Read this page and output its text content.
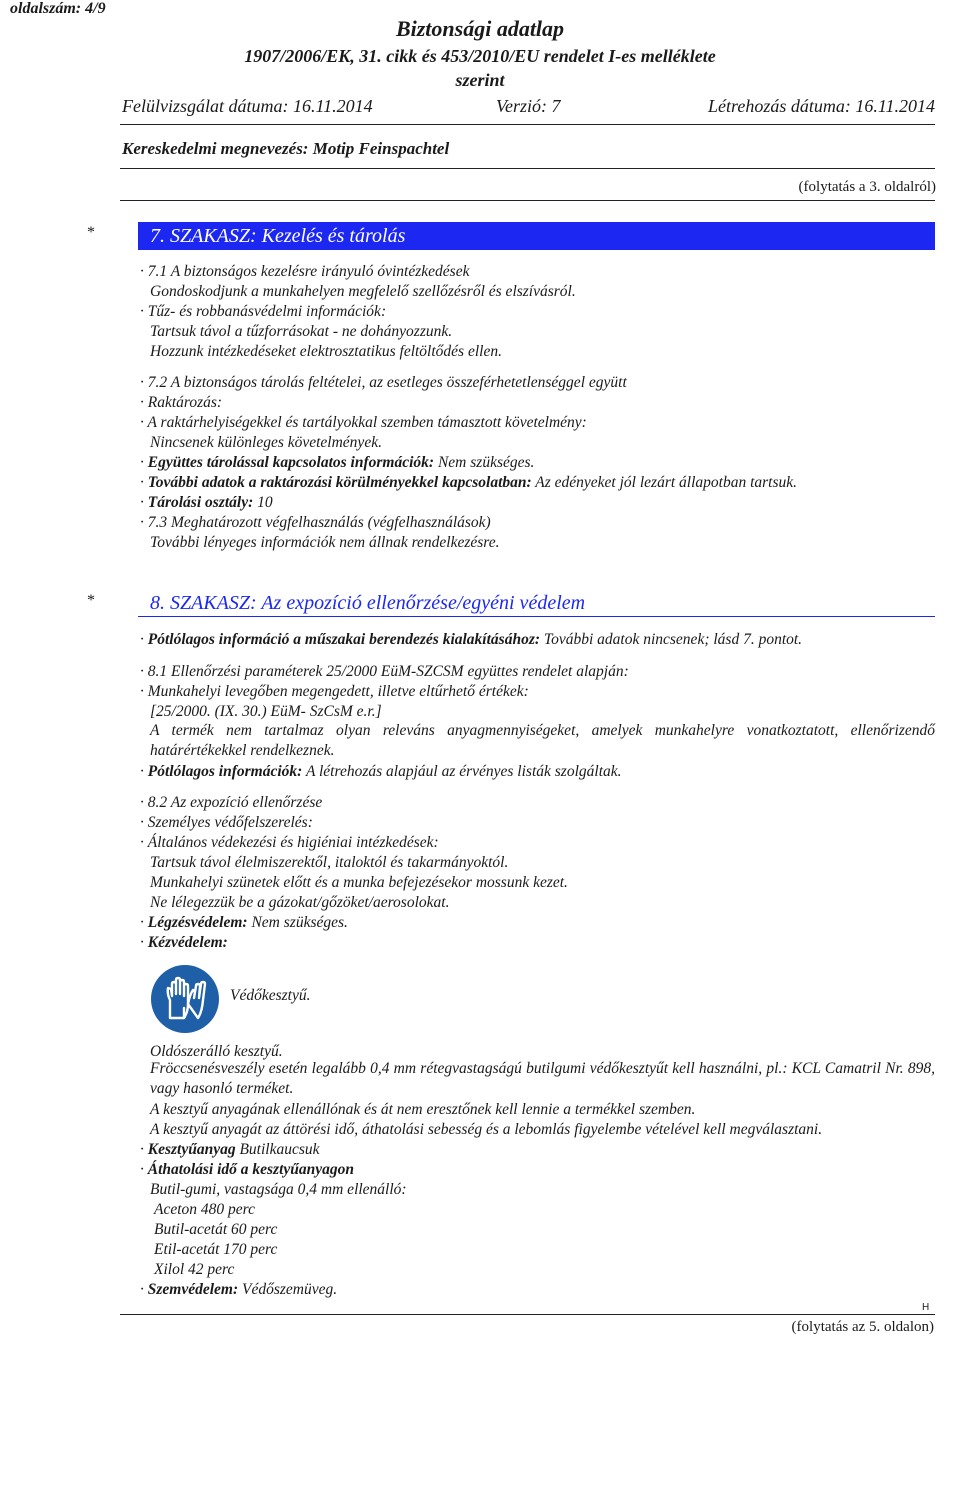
oldalszám: 4/9
Biztonsági adatlap
1907/2006/EK, 31. cikk és 453/2010/EU rendelet I-es melléklete
szerint
Felülvizsgálat dátuma: 16.11.2014	Verzió: 7	Létrehozás dátuma: 16.11.2014
Kereskedelmi megnevezés: Motip Feinspachtel
(folytatás a 3. oldalról)
*	7. SZAKASZ: Kezelés és tárolás
· 7.1 A biztonságos kezelésre irányuló óvintézkedések
Gondoskodjunk a munkahelyen megfelelő szellőzésről és elszívásról.
· Tűz- és robbanásvédelmi információk:
Tartsuk távol a tűzforrásokat - ne dohányozzunk.
Hozzunk intézkedéseket elektrosztatikus feltöltődés ellen.
· 7.2 A biztonságos tárolás feltételei, az esetleges összeférhetetlenséggel együtt
· Raktározás:
· A raktárhelyiségekkel és tartályokkal szemben támasztott követelmény:
Nincsenek különleges követelmények.
· Együttes tárolással kapcsolatos információk: Nem szükséges.
· További adatok a raktározási körülményekkel kapcsolatban: Az edényeket jól lezárt állapotban tartsuk.
· Tárolási osztály: 10
· 7.3 Meghatározott végfelhasználás (végfelhasználások)
További lényeges információk nem állnak rendelkezésre.
*	8. SZAKASZ: Az expozíció ellenőrzése/egyéni védelem
· Pótlólagos információ a műszakai berendezés kialakításához: További adatok nincsenek; lásd 7. pontot.
· 8.1 Ellenőrzési paraméterek 25/2000 EüM-SZCSM együttes rendelet alapján:
· Munkahelyi levegőben megengedett, illetve eltűrhető értékek:
[25/2000. (IX. 30.) EüM- SzCsM e.r.]
A termék nem tartalmaz olyan releváns anyagmennyiségeket, amelyek munkahelyre vonatkoztatott, ellenőrizendő határértékekkel rendelkeznek.
· Pótlólagos információk: A létrehozás alapjául az érvényes listák szolgáltak.
· 8.2 Az expozíció ellenőrzése
· Személyes védőfelszerelés:
· Általános védekezési és higiéniai intézkedések:
Tartsuk távol élelmiszerektől, italoktól és takarmányoktól.
Munkahelyi szünetek előtt és a munka befejezésekor mossunk kezet.
Ne lélegezzük be a gázokat/gőzöket/aerosolokat.
· Légzésvédelem: Nem szükséges.
· Kézvédelem:
Védőkesztyű.
Oldószerálló kesztyű.
Fröccsenésveszély esetén legalább 0,4 mm rétegvastagságú butilgumi védőkesztyűt kell használni, pl.: KCL Camatril Nr. 898, vagy hasonló terméket.
A kesztyű anyagának ellenállónak és át nem eresztőnek kell lennie a termékkel szemben.
A kesztyű anyagát az áttörési idő, áthatolási sebesség és a lebomlás figyelembe vételével kell megválasztani.
· Kesztyűanyag Butilkaucsuk
· Áthatolási idő a kesztyűanyagon
Butil-gumi, vastagsága 0,4 mm ellenálló:
Aceton 480 perc
Butil-acetát 60 perc
Etil-acetát 170 perc
Xilol 42 perc
· Szemvédelem: Védőszemüveg.
H
(folytatás az 5. oldalon)
